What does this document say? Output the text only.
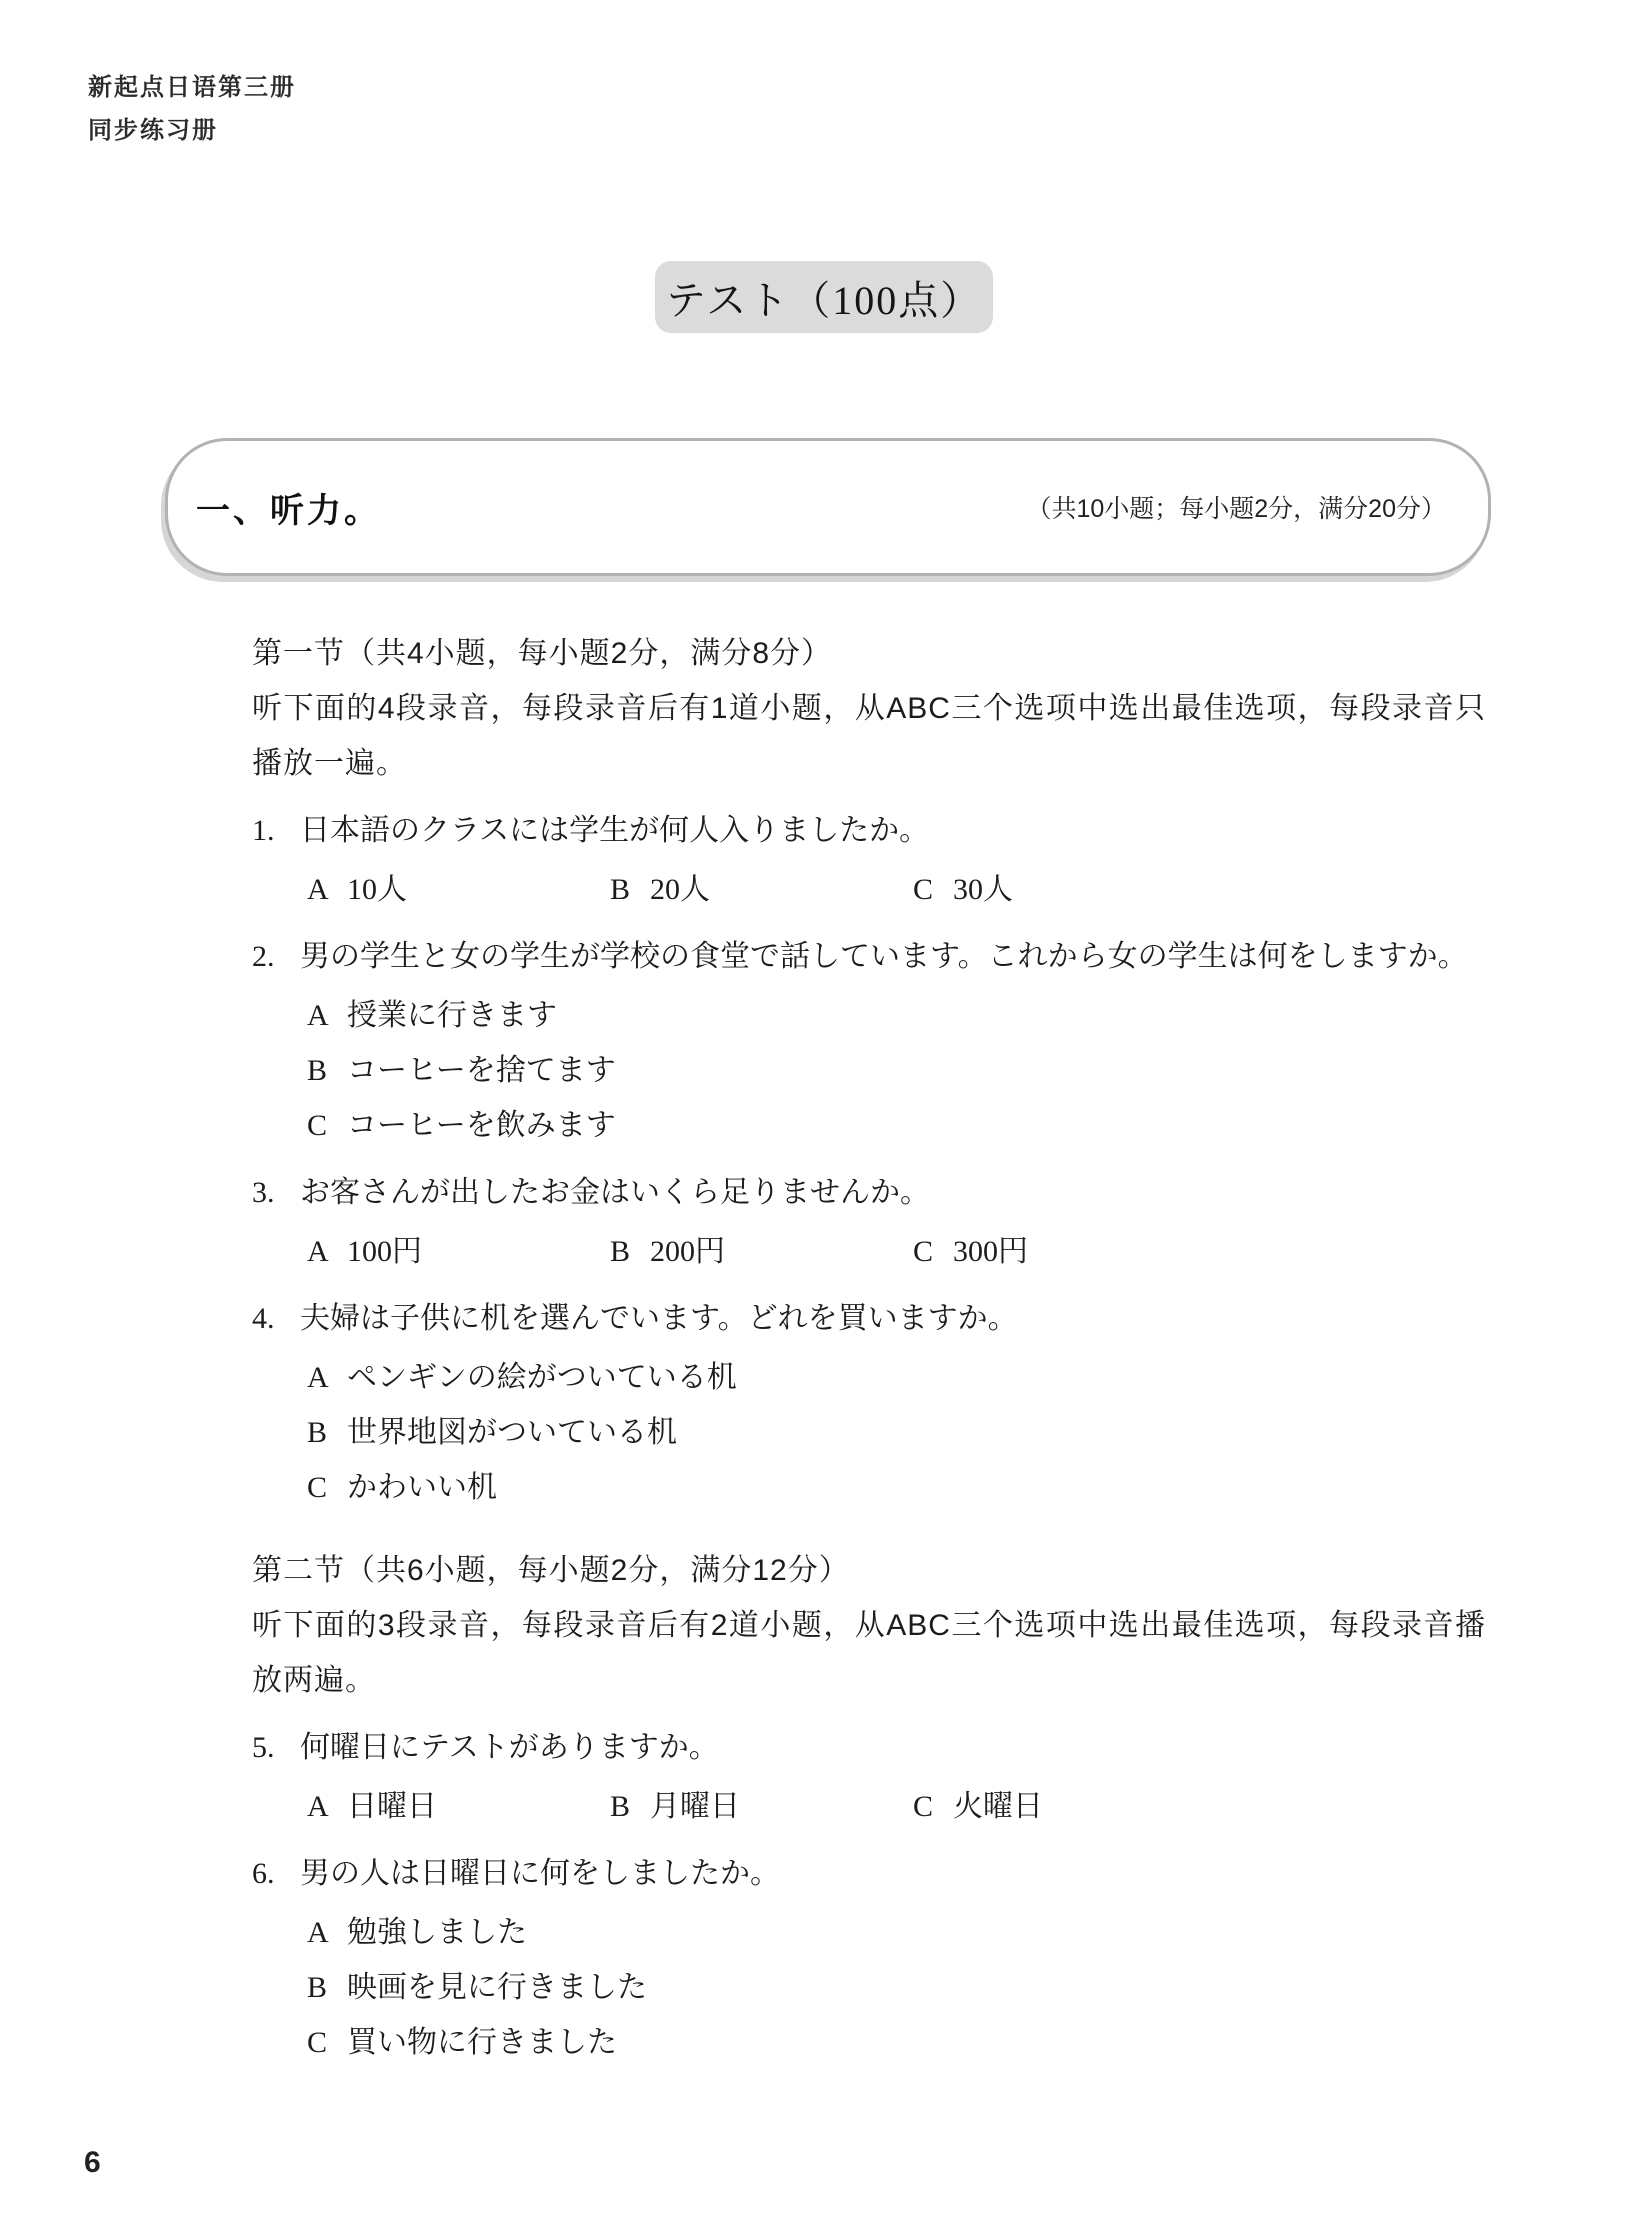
新起点日语第三册
同步练习册
テスト（100点）
一、听力。	（共10小题；每小题2分，满分20分）
第一节（共4小题，每小题2分，满分8分）
听下面的4段录音，每段录音后有1道小题，从ABC三个选项中选出最佳选项，每段录音只播放一遍。
1. 日本語のクラスには学生が何人入りましたか。
A 10人	B 20人	C 30人
2. 男の学生と女の学生が学校の食堂で話しています。これから女の学生は何をしますか。
A 授業に行きます
B コーヒーを捨てます
C コーヒーを飲みます
3. お客さんが出したお金はいくら足りませんか。
A 100円	B 200円	C 300円
4. 夫婦は子供に机を選んでいます。どれを買いますか。
A ペンギンの絵がついている机
B 世界地図がついている机
C かわいい机
第二节（共6小题，每小题2分，满分12分）
听下面的3段录音，每段录音后有2道小题，从ABC三个选项中选出最佳选项，每段录音播放两遍。
5. 何曜日にテストがありますか。
A 日曜日	B 月曜日	C 火曜日
6. 男の人は日曜日に何をしましたか。
A 勉強しました
B 映画を見に行きました
C 買い物に行きました
6
